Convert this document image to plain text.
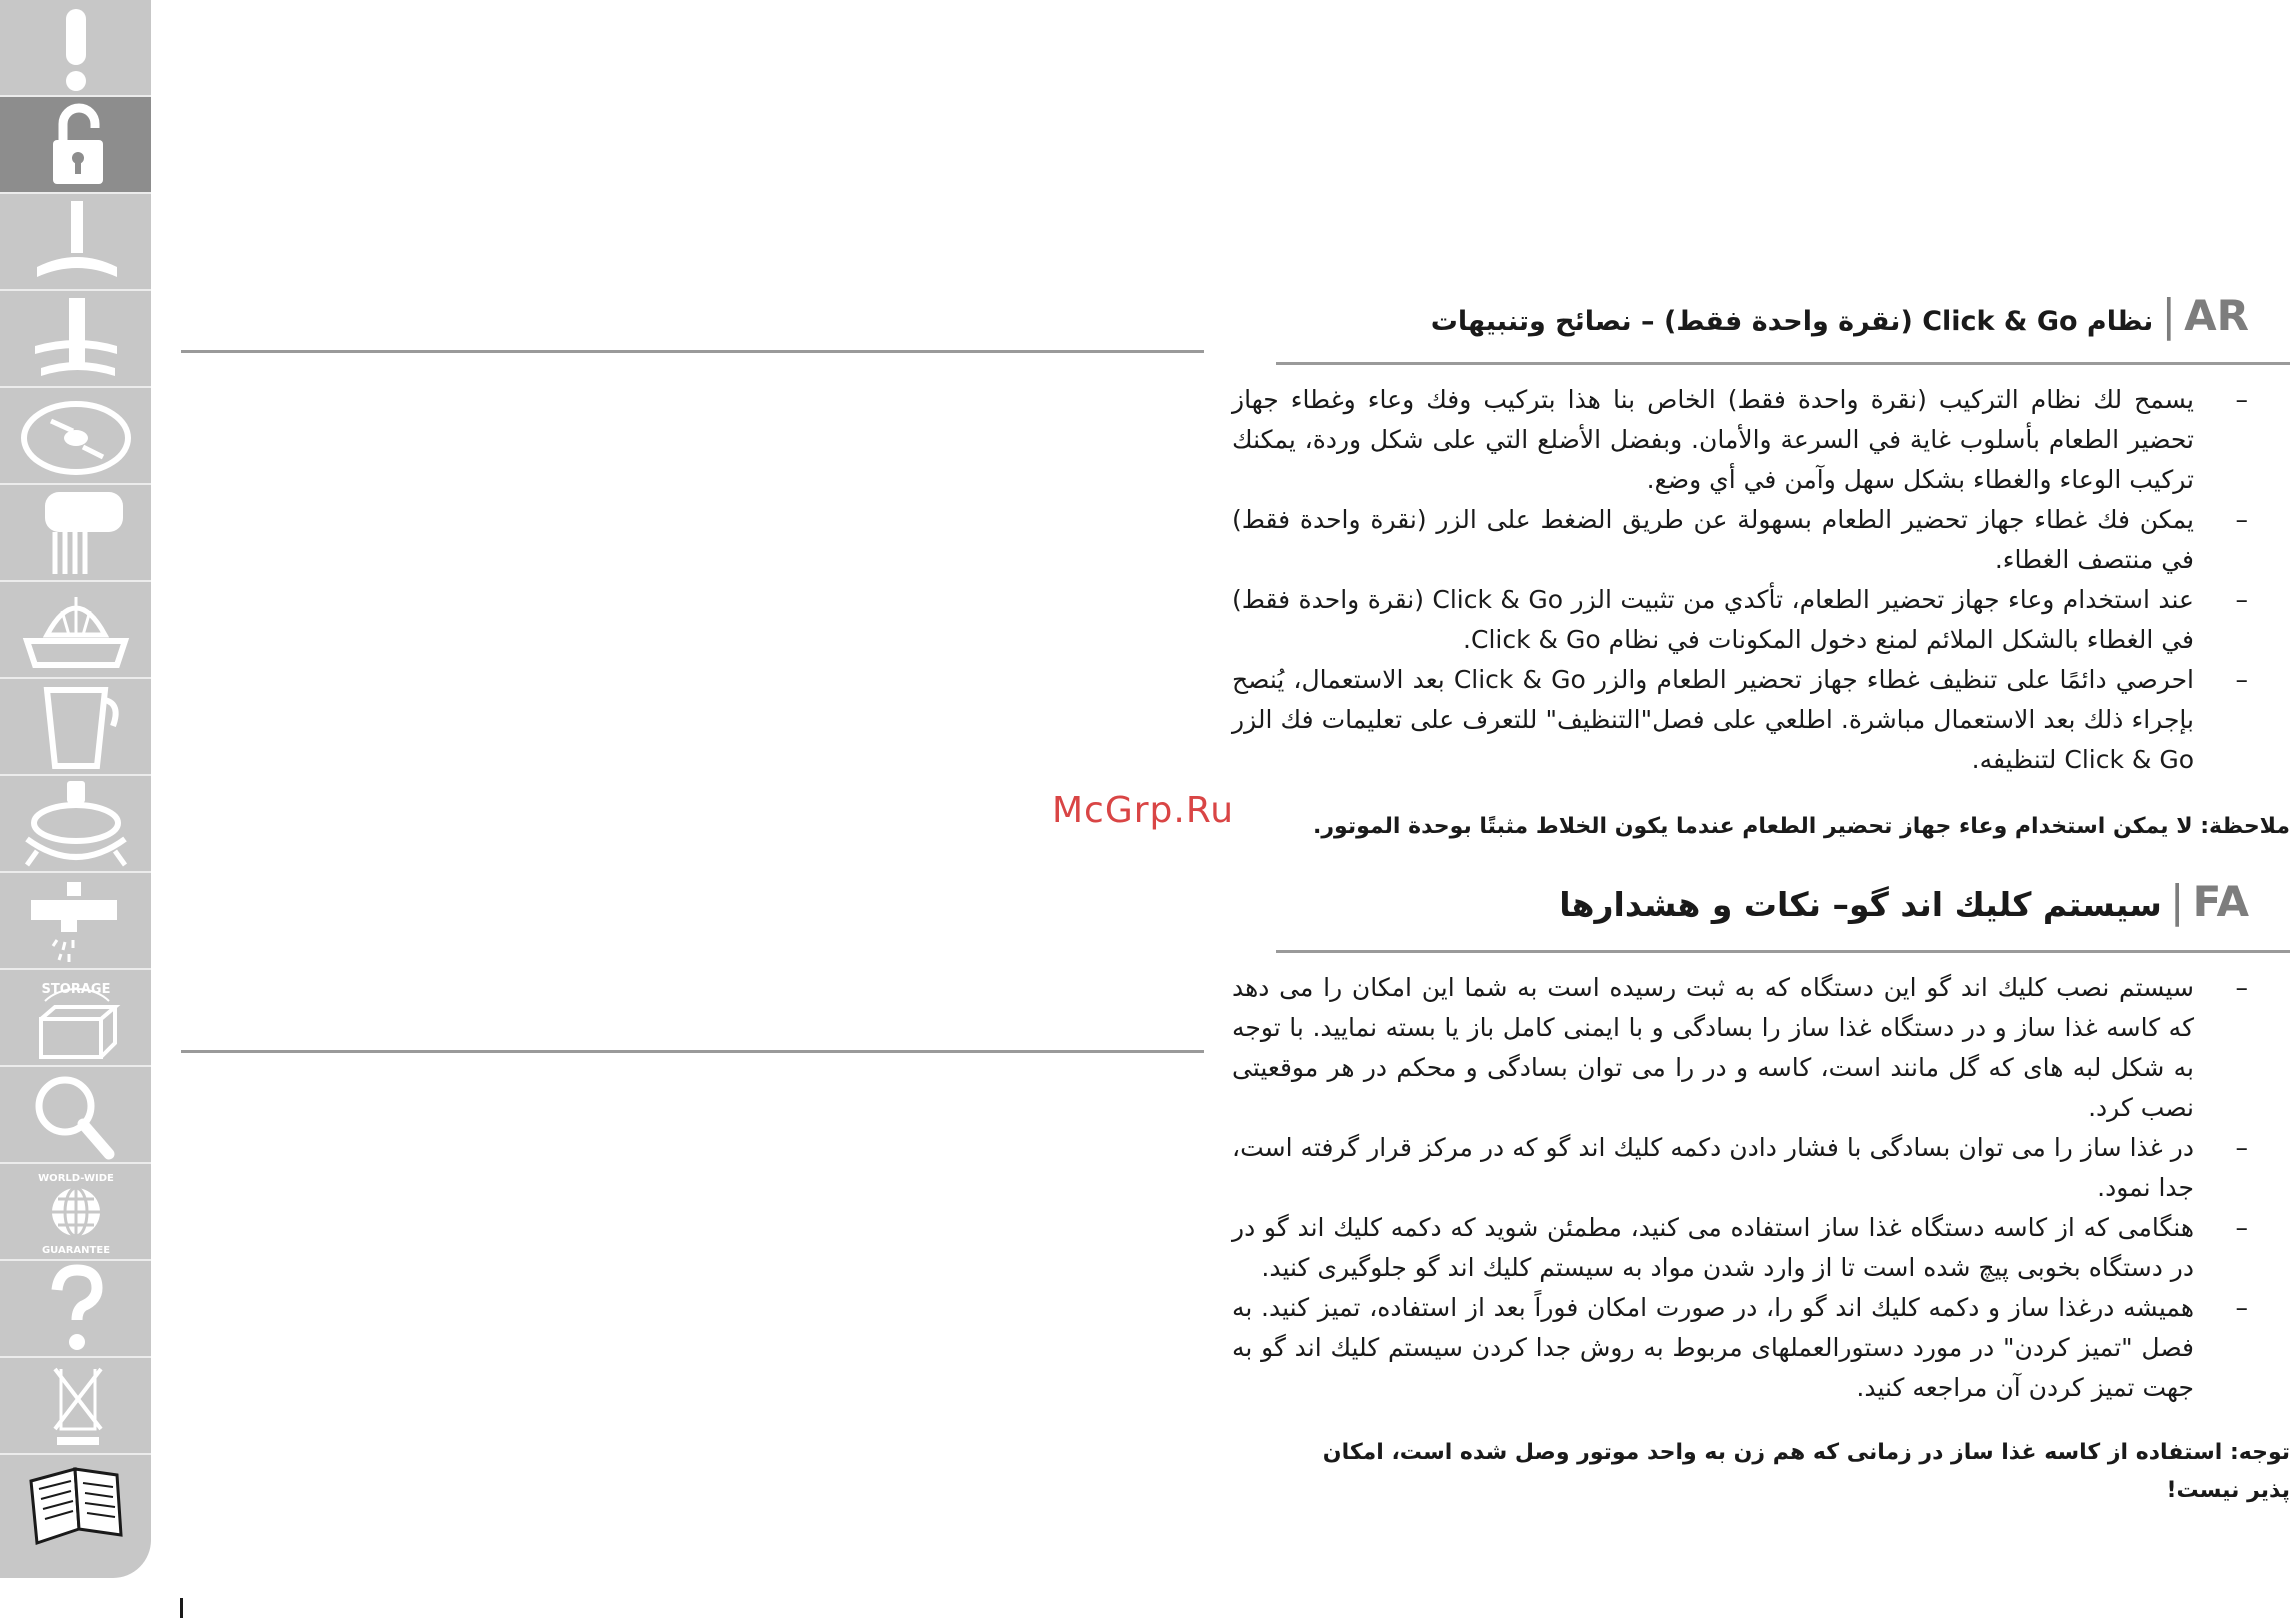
STORAGE
WORLD-WIDE
GUARANTEE
AR
|
نظام Click & Go (نقرة واحدة فقط) – نصائح وتنبيهات
– يسمح لك نظام التركيب (نقرة واحدة فقط) الخاص بنا هذا بتركيب وفك وعاء وغطاء جهاز تحضير الطعام بأسلوب غاية في السرعة والأمان. وبفضل الأضلع التي على شكل وردة، يمكنك تركيب الوعاء والغطاء بشكل سهل وآمن في أي وضع.
– يمكن فك غطاء جهاز تحضير الطعام بسهولة عن طريق الضغط على الزر (نقرة واحدة فقط) في منتصف الغطاء.
– عند استخدام وعاء جهاز تحضير الطعام، تأكدي من تثبيت الزر Click & Go (نقرة واحدة فقط) في الغطاء بالشكل الملائم لمنع دخول المكونات في نظام Click & Go.
– احرصي دائمًا على تنظيف غطاء جهاز تحضير الطعام والزر Click & Go بعد الاستعمال، يُنصح بإجراء ذلك بعد الاستعمال مباشرة. اطلعي على فصل"التنظيف" للتعرف على تعليمات فك الزر Click & Go لتنظيفه.
ملاحظة: لا يمكن استخدام وعاء جهاز تحضير الطعام عندما يكون الخلاط مثبتًا بوحدة الموتور.
FA
|
سيستم كليك اند گو– نكات و هشدارها
– سيستم نصب كليك اند گو اين دستگاه كه به ثبت رسيده است به شما اين امكان را می دهد كه كاسه غذا ساز و در دستگاه غذا ساز را بسادگی و با ايمنی كامل باز يا بسته نماييد. با توجه به شكل لبه های كه گل مانند است، كاسه و در را می توان بسادگی و محكم در هر موقعيتی نصب كرد.
– در غذا ساز را می توان بسادگی با فشار دادن دكمه كليك اند گو كه در مركز قرار گرفته است، جدا نمود.
– هنگامی كه از كاسه دستگاه غذا ساز استفاده می كنيد، مطمئن شويد كه دكمه كليك اند گو در در دستگاه بخوبی پيچ شده است تا از وارد شدن مواد به سيستم كليك اند گو جلوگيری كنيد.
– هميشه درغذا ساز و دكمه كليك اند گو را، در صورت امكان فوراً بعد از استفاده، تميز كنيد. به فصل "تميز كردن" در مورد دستورالعملهای مربوط به روش جدا كردن سيستم كليك اند گو به جهت تميز كردن آن مراجعه كنيد.
توجه: استفاده از كاسه غذا ساز در زمانی كه هم زن به واحد موتور وصل شده است، امكان پذير نيست!
McGrp.Ru
